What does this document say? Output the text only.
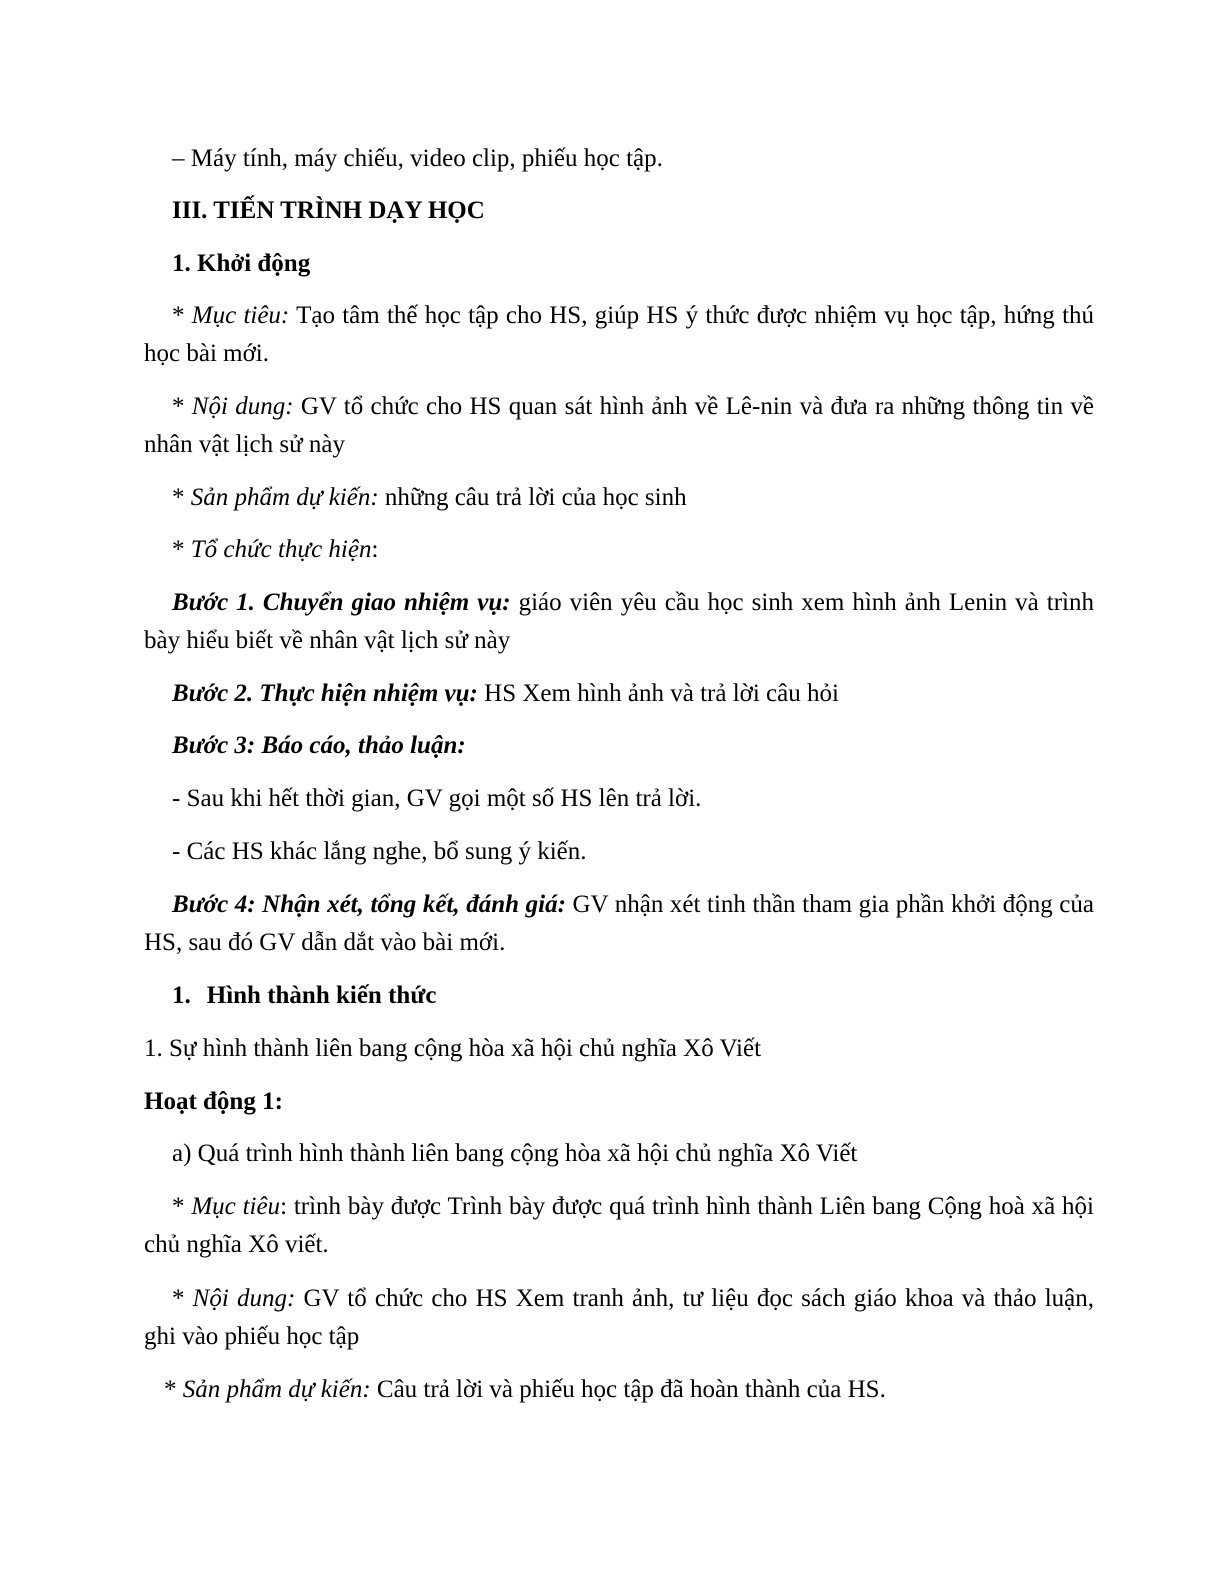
– Máy tính, máy chiếu, video clip, phiếu học tập.
III. TIẾN TRÌNH DẠY HỌC
1. Khởi động
* Mục tiêu: Tạo tâm thế học tập cho HS, giúp HS ý thức được nhiệm vụ học tập, hứng thú học bài mới.
* Nội dung: GV tổ chức cho HS quan sát hình ảnh về Lê-nin và đưa ra những thông tin về nhân vật lịch sử này
* Sản phẩm dự kiến: những câu trả lời của học sinh
* Tổ chức thực hiện:
Bước 1. Chuyển giao nhiệm vụ: giáo viên yêu cầu học sinh xem hình ảnh Lenin và trình bày hiểu biết về nhân vật lịch sử này
Bước 2. Thực hiện nhiệm vụ: HS Xem hình ảnh và trả lời câu hỏi
Bước 3: Báo cáo, thảo luận:
- Sau khi hết thời gian, GV gọi một số HS lên trả lời.
- Các HS khác lắng nghe, bổ sung ý kiến.
Bước 4: Nhận xét, tổng kết, đánh giá: GV nhận xét tinh thần tham gia phần khởi động của HS, sau đó GV dẫn dắt vào bài mới.
1. Hình thành kiến thức
1. Sự hình thành liên bang cộng hòa xã hội chủ nghĩa Xô Viết
Hoạt động 1:
a) Quá trình hình thành liên bang cộng hòa xã hội chủ nghĩa Xô Viết
* Mục tiêu: trình bày được Trình bày được quá trình hình thành Liên bang Cộng hoà xã hội chủ nghĩa Xô viết.
* Nội dung: GV tổ chức cho HS Xem tranh ảnh, tư liệu đọc sách giáo khoa và thảo luận, ghi vào phiếu học tập
* Sản phẩm dự kiến: Câu trả lời và phiếu học tập đã hoàn thành của HS.
